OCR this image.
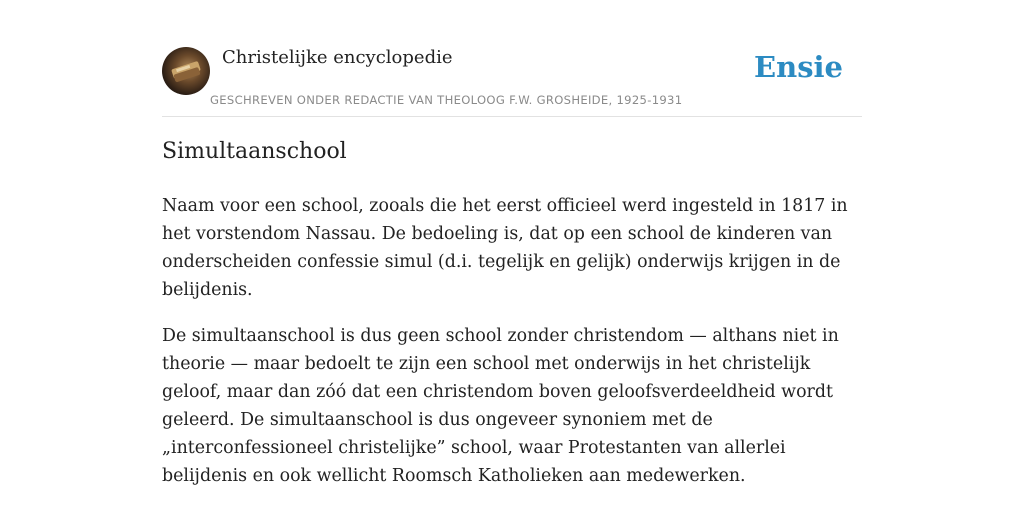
Christelijke encyclopedie
GESCHREVEN ONDER REDACTIE VAN THEOLOOG F.W. GROSHEIDE, 1925-1931
Ensie
Simultaanschool

Naam voor een school, zooals die het eerst officieel werd ingesteld in 1817 in het vorstendom Nassau. De bedoeling is, dat op een school de kinderen van onderscheiden confessie simul (d.i. tegelijk en gelijk) onderwijs krijgen in de belijdenis.

De simultaanschool is dus geen school zonder christendom — althans niet in theorie — maar bedoelt te zijn een school met onderwijs in het christelijk geloof, maar dan zóó dat een christendom boven geloofsverdeeldheid wordt geleerd. De simultaanschool is dus ongeveer synoniem met de „interconfessioneel christelijke” school, waar Protestanten van allerlei belijdenis en ook wellicht Roomsch Katholieken aan medewerken.
